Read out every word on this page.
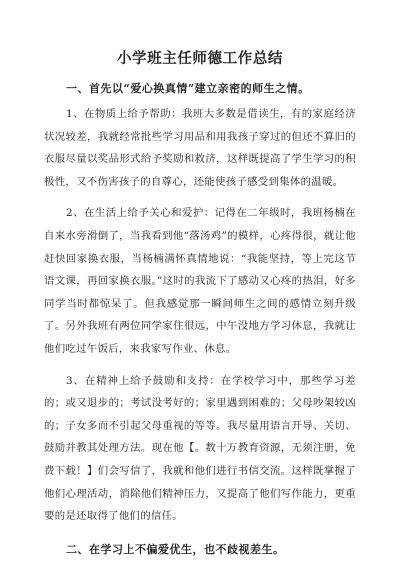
小学班主任师德工作总结

一、首先以“爱心换真情”建立亲密的师生之情。

1、在物质上给予帮助：我班大多数是借读生，有的家庭经济状况较差，我就经常批些学习用品和用我孩子穿过的但还不算旧的衣服尽量以奖品形式给予奖励和救济，这样既提高了学生学习的积极性，又不伤害孩子的自尊心，还能使孩子感受到集体的温暖。

2、在生活上给予关心和爱护：记得在二年级时，我班杨楠在自来水旁滑倒了，当我看到他“落汤鸡”的模样，心疼得很，就让他赶快回家换衣服，当杨楠满怀真情地说：“我能坚持，等上完这节语文课，再回家换衣服。”这时的我流下了感动又心疼的热泪，好多同学当时都惊呆了。但我感觉那一瞬间师生之间的感情立刻升级了。另外我班有两位同学家住很远，中午没地方学习休息，我就让他们吃过午饭后，来我家写作业、休息。

3、在精神上给予鼓励和支持：在学校学习中，那些学习差的；或又退步的；考试没考好的；家里遇到困难的；父母吵架较凶的；子女多而不引起父母重视的等等。我尽量用语言开导、关切、鼓励并教其处理方法。现在他【。数十万教育资源，无须注册，免费下载！】们会写信了，我就和他们进行书信交流。这样既掌握了他们心理活动，消除他们精神压力，又提高了他们写作能力，更重要的是还取得了他们的信任。

二、在学习上不偏爱优生，也不歧视差生。
